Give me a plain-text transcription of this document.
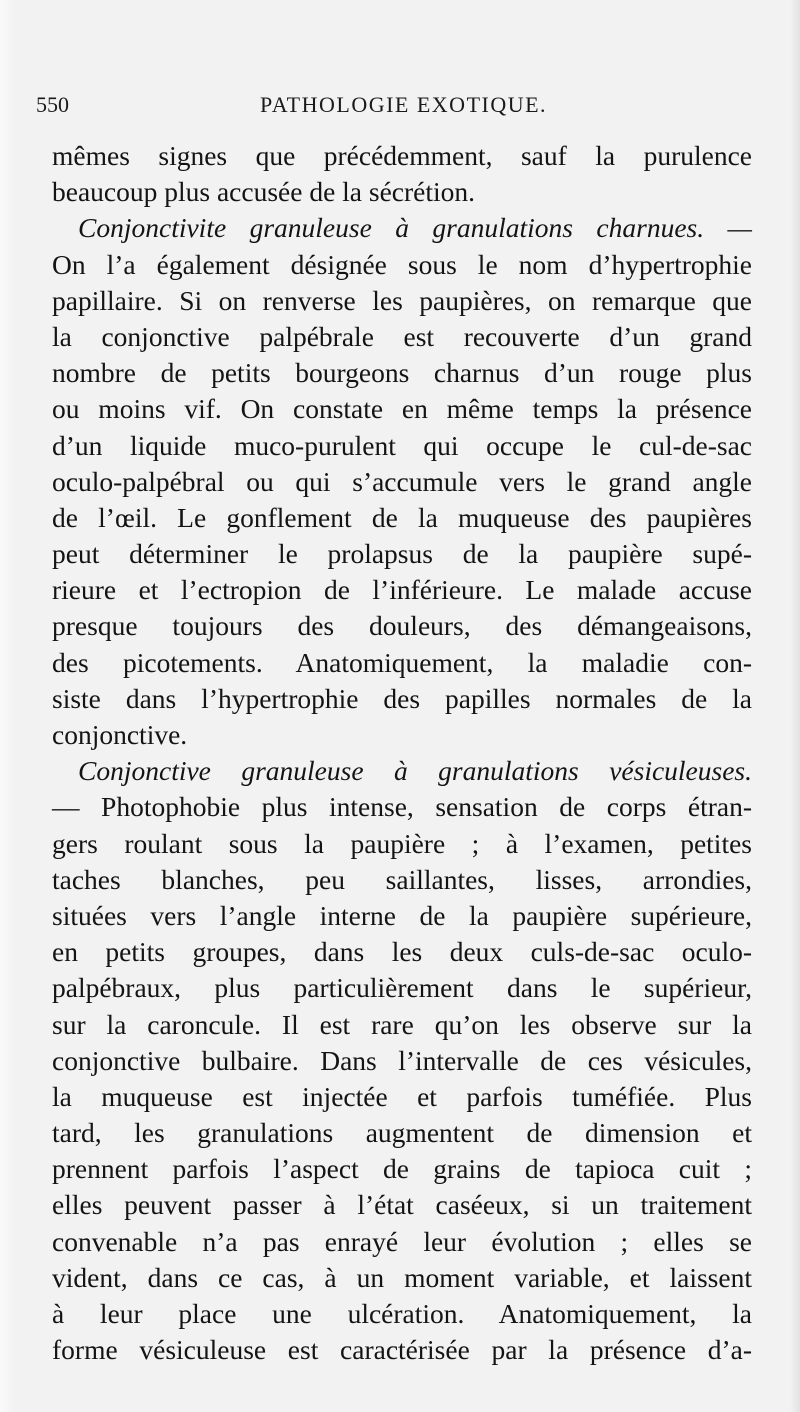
550	PATHOLOGIE EXOTIQUE.
mêmes signes que précédemment, sauf la purulence
beaucoup plus accusée de la sécrétion.
Conjonctivite granuleuse à granulations charnues. —
On l’a également désignée sous le nom d’hypertrophie
papillaire. Si on renverse les paupières, on remarque que
la conjonctive palpébrale est recouverte d’un grand
nombre de petits bourgeons charnus d’un rouge plus
ou moins vif. On constate en même temps la présence
d’un liquide muco-purulent qui occupe le cul-de-sac
oculo-palpébral ou qui s’accumule vers le grand angle
de l’œil. Le gonflement de la muqueuse des paupières
peut déterminer le prolapsus de la paupière supé-
rieure et l’ectropion de l’inférieure. Le malade accuse
presque toujours des douleurs, des démangeaisons,
des picotements. Anatomiquement, la maladie con-
siste dans l’hypertrophie des papilles normales de la
conjonctive.
Conjonctive granuleuse à granulations vésiculeuses.
— Photophobie plus intense, sensation de corps étran-
gers roulant sous la paupière ; à l’examen, petites
taches blanches, peu saillantes, lisses, arrondies,
situées vers l’angle interne de la paupière supérieure,
en petits groupes, dans les deux culs-de-sac oculo-
palpébraux, plus particulièrement dans le supérieur,
sur la caroncule. Il est rare qu’on les observe sur la
conjonctive bulbaire. Dans l’intervalle de ces vésicules,
la muqueuse est injectée et parfois tuméfiée. Plus
tard, les granulations augmentent de dimension et
prennent parfois l’aspect de grains de tapioca cuit ;
elles peuvent passer à l’état caséeux, si un traitement
convenable n’a pas enrayé leur évolution ; elles se
vident, dans ce cas, à un moment variable, et laissent
à leur place une ulcération. Anatomiquement, la
forme vésiculeuse est caractérisée par la présence d’a-
